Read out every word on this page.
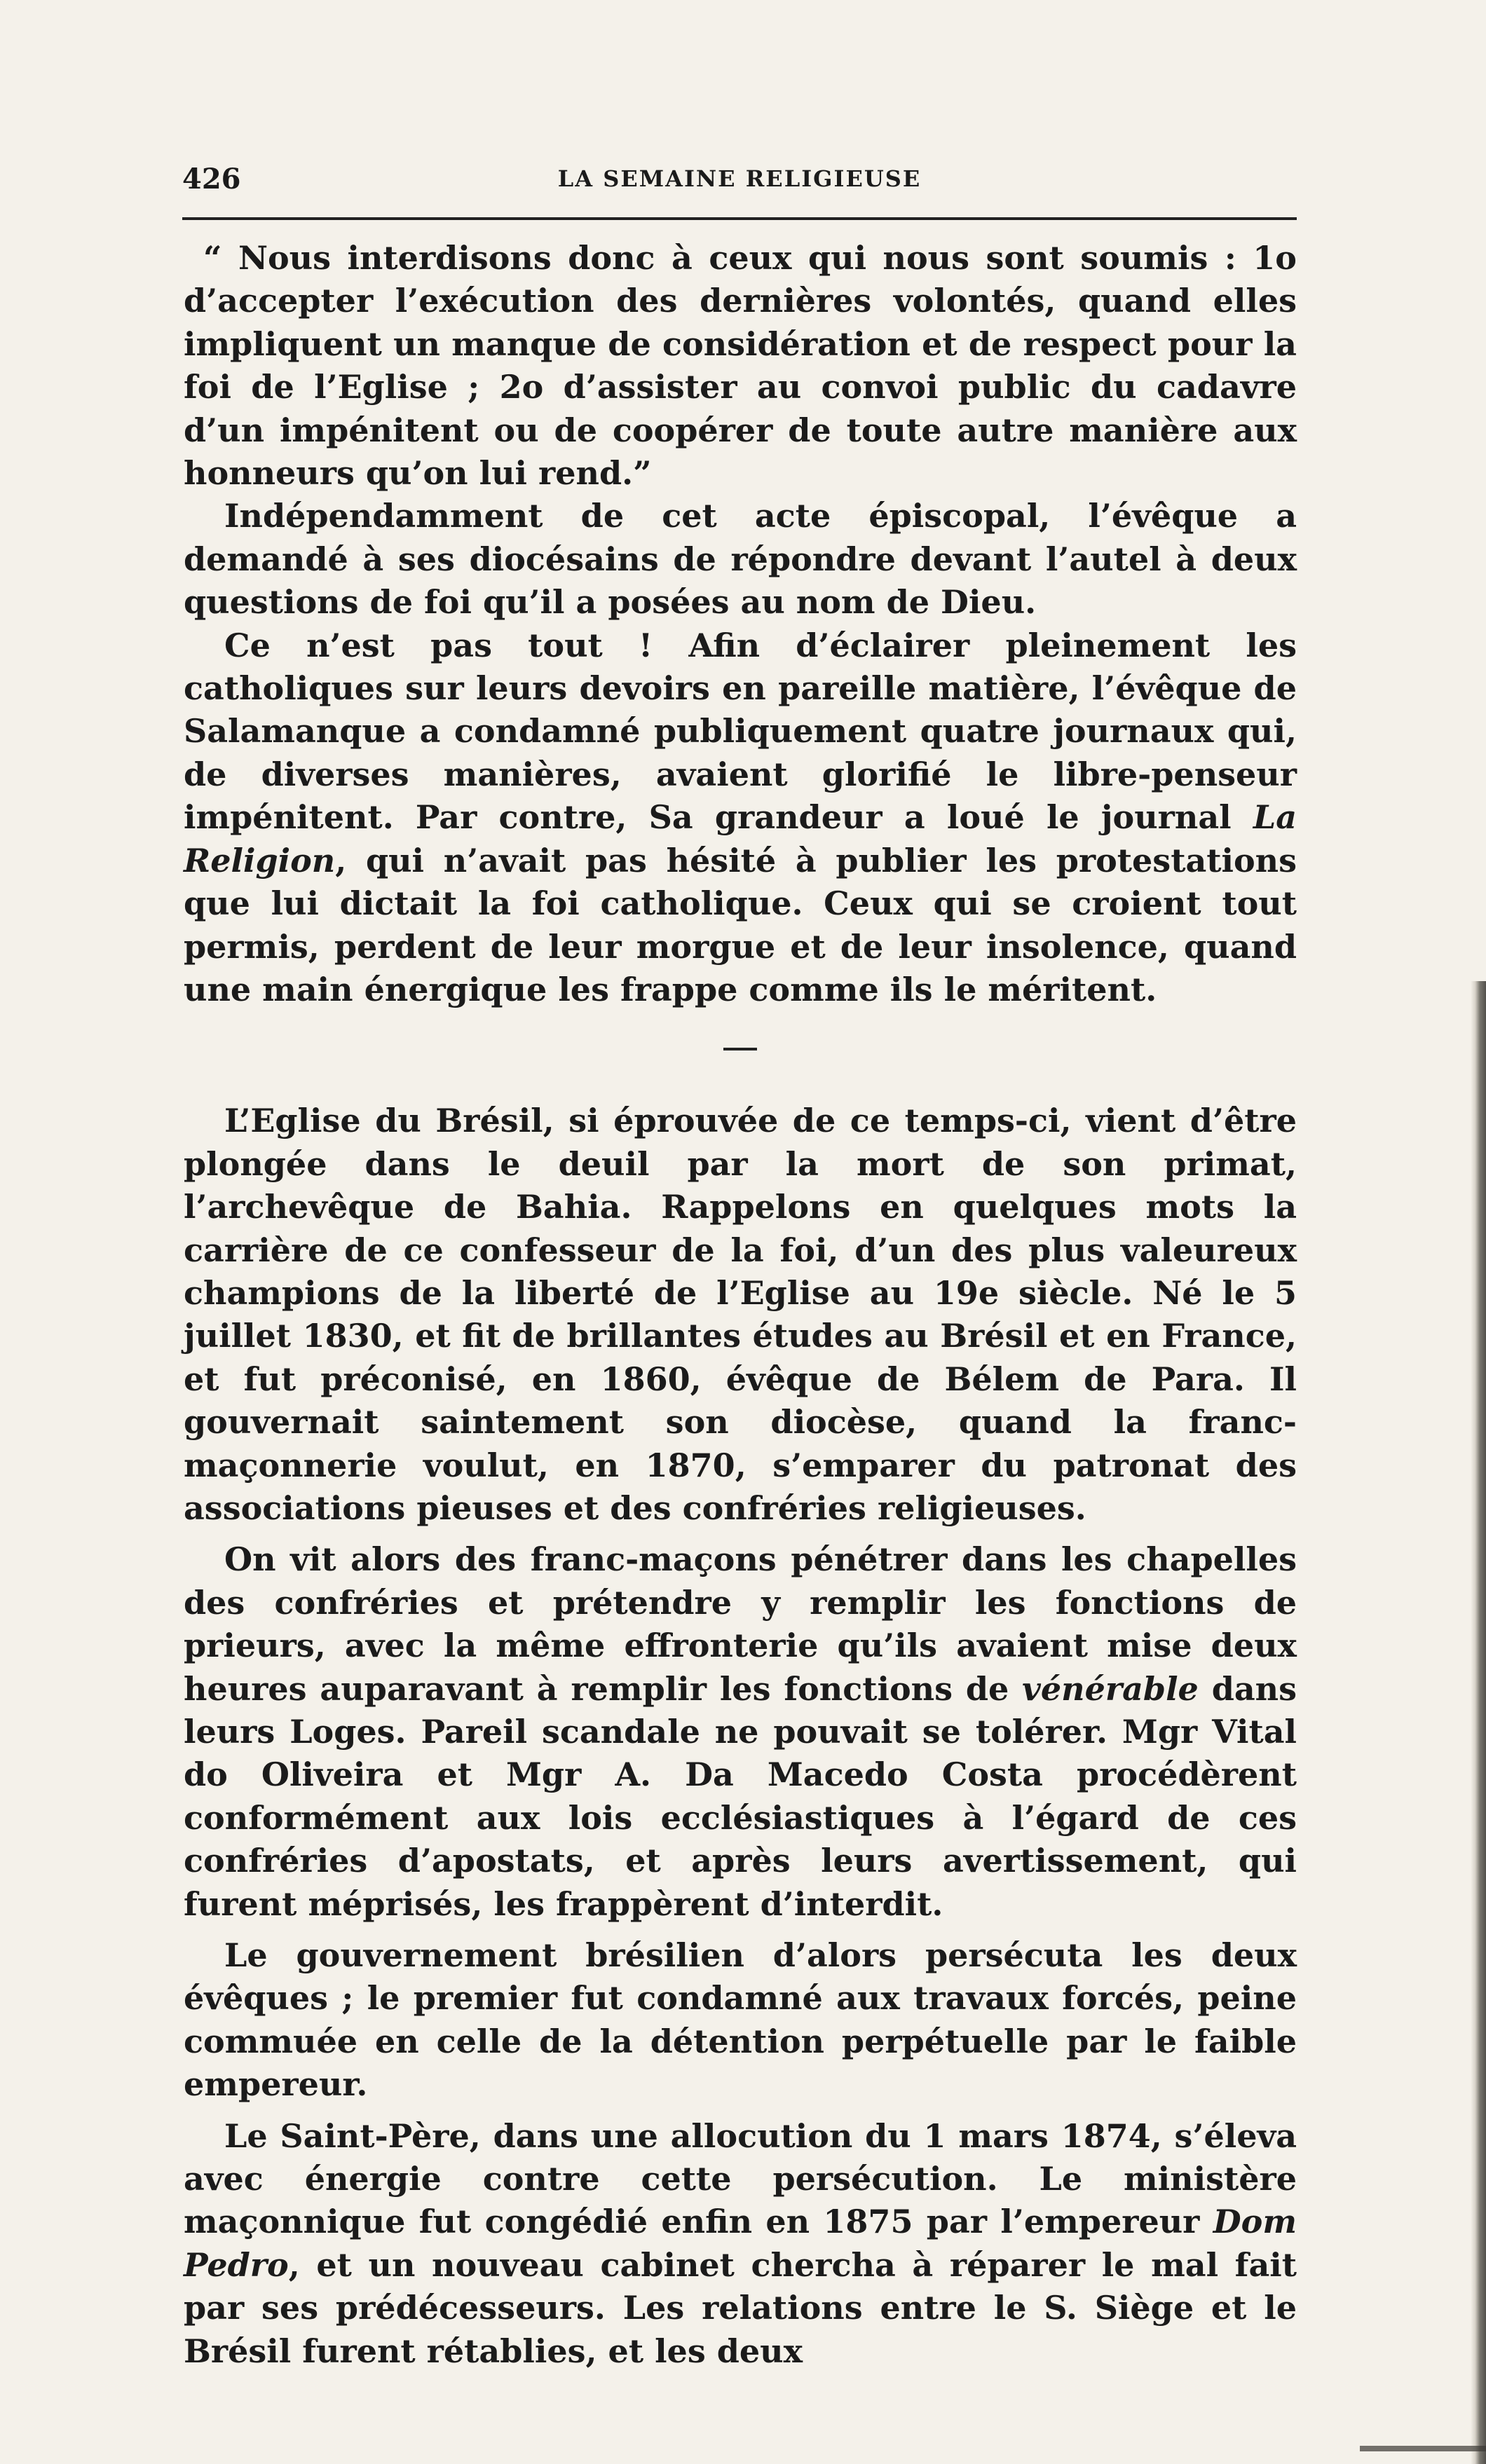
426	LA SEMAINE RELIGIEUSE

“ Nous interdisons donc à ceux qui nous sont soumis : 1o d’accepter l’exécution des dernières volontés, quand elles impliquent un manque de considération et de respect pour la foi de l’Eglise ; 2o d’assister au convoi public du cadavre d’un impénitent ou de coopérer de toute autre manière aux honneurs qu’on lui rend.”

Indépendamment de cet acte épiscopal, l’évêque a demandé à ses diocésains de répondre devant l’autel à deux questions de foi qu’il a posées au nom de Dieu.

Ce n’est pas tout ! Afin d’éclairer pleinement les catholiques sur leurs devoirs en pareille matière, l’évêque de Salamanque a condamné publiquement quatre journaux qui, de diverses manières, avaient glorifié le libre-penseur impénitent. Par contre, Sa grandeur a loué le journal La Religion, qui n’avait pas hésité à publier les protestations que lui dictait la foi catholique. Ceux qui se croient tout permis, perdent de leur morgue et de leur insolence, quand une main énergique les frappe comme ils le méritent.

L’Eglise du Brésil, si éprouvée de ce temps-ci, vient d’être plongée dans le deuil par la mort de son primat, l’archevêque de Bahia. Rappelons en quelques mots la carrière de ce confesseur de la foi, d’un des plus valeureux champions de la liberté de l’Eglise au 19e siècle. Né le 5 juillet 1830, et fit de brillantes études au Brésil et en France, et fut préconisé, en 1860, évêque de Bélem de Para. Il gouvernait saintement son diocèse, quand la franc-maçonnerie voulut, en 1870, s’emparer du patronat des associations pieuses et des confréries religieuses.

On vit alors des franc-maçons pénétrer dans les chapelles des confréries et prétendre y remplir les fonctions de prieurs, avec la même effronterie qu’ils avaient mise deux heures auparavant à remplir les fonctions de vénérable dans leurs Loges. Pareil scandale ne pouvait se tolérer. Mgr Vital do Oliveira et Mgr A. Da Macedo Costa procédèrent conformément aux lois ecclésiastiques à l’égard de ces confréries d’apostats, et après leurs avertissement, qui furent méprisés, les frappèrent d’interdit.

Le gouvernement brésilien d’alors persécuta les deux évêques ; le premier fut condamné aux travaux forcés, peine commuée en celle de la détention perpétuelle par le faible empereur.

Le Saint-Père, dans une allocution du 1 mars 1874, s’éleva avec énergie contre cette persécution. Le ministère maçonnique fut congédié enfin en 1875 par l’empereur Dom Pedro, et un nouveau cabinet chercha à réparer le mal fait par ses prédécesseurs. Les relations entre le S. Siège et le Brésil furent rétablies, et les deux
